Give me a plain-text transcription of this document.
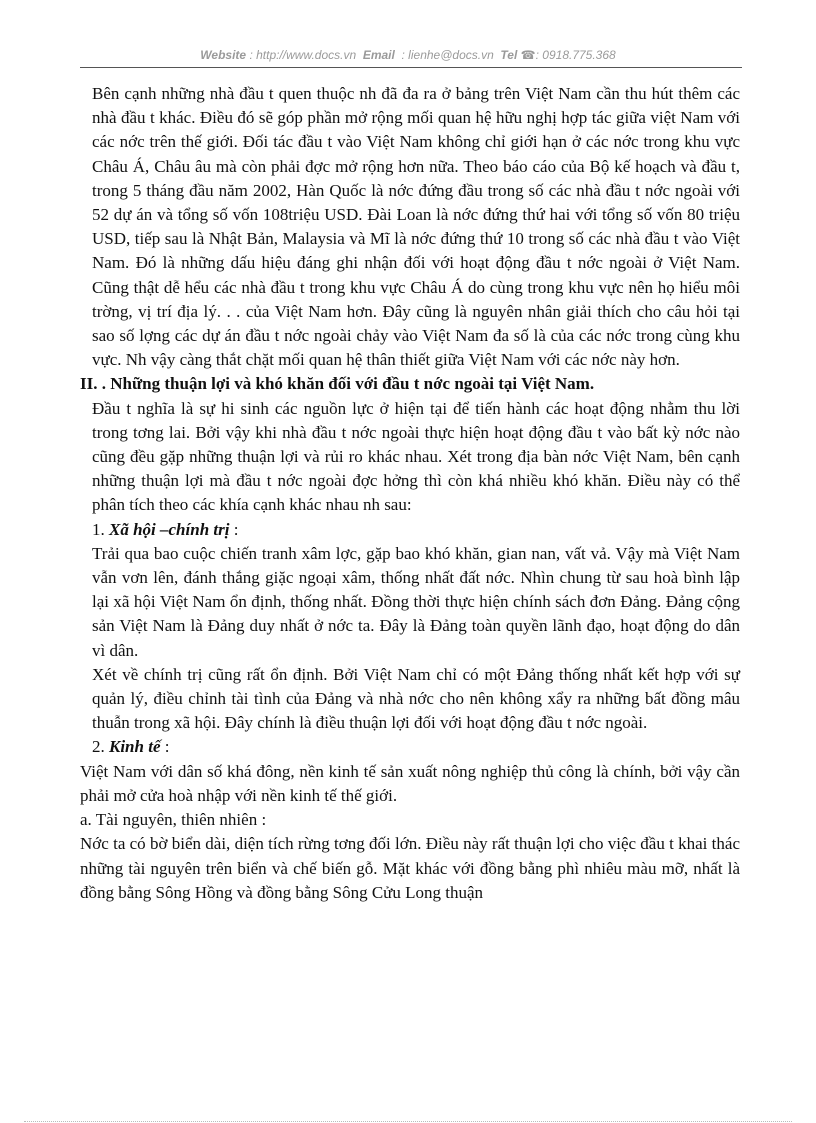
Website : http://www.docs.vn Email : lienhe@docs.vn Tel ☎: 0918.775.368

Bên cạnh những nhà đầu t quen thuộc nh đã đa ra ở bảng trên Việt Nam cần thu hút thêm các nhà đầu t khác. Điều đó sẽ góp phần mở rộng mối quan hệ hữu nghị hợp tác giữa việt Nam với các nớc trên thế giới. Đối tác đầu t vào Việt Nam không chỉ giới hạn ở các nớc trong khu vực Châu Á, Châu âu mà còn phải đợc mở rộng hơn nữa. Theo báo cáo của Bộ kế hoạch và đầu t, trong 5 tháng đầu năm 2002, Hàn Quốc là nớc đứng đầu trong số các nhà đầu t nớc ngoài với 52 dự án và tổng số vốn 108triệu USD. Đài Loan là nớc đứng thứ hai với tổng số vốn 80 triệu USD, tiếp sau là Nhật Bản, Malaysia và Mĩ là nớc đứng thứ 10 trong số các nhà đầu t vào Việt Nam. Đó là những dấu hiệu đáng ghi nhận đối với hoạt động đầu t nớc ngoài ở Việt Nam. Cũng thật dễ hểu các nhà đầu t trong khu vực Châu Á do cùng trong khu vực nên họ hiểu môi trờng, vị trí địa lý. . . của Việt Nam hơn. Đây cũng là nguyên nhân giải thích cho câu hỏi tại sao số lợng các dự án đầu t nớc ngoài chảy vào Việt Nam đa số là của các nớc trong cùng khu vực. Nh vậy càng thắt chặt mối quan hệ thân thiết giữa Việt Nam với các nớc này hơn.

II. . Những thuận lợi và khó khăn đối với đầu t nớc ngoài tại Việt Nam.

Đầu t nghĩa là sự hi sinh các nguồn lực ở hiện tại để tiến hành các hoạt động nhằm thu lời trong tơng lai. Bởi vậy khi nhà đầu t nớc ngoài thực hiện hoạt động đầu t vào bất kỳ nớc nào cũng đều gặp những thuận lợi và rủi ro khác nhau. Xét trong địa bàn nớc Việt Nam, bên cạnh những thuận lợi mà đầu t nớc ngoài đợc hởng thì còn khá nhiều khó khăn. Điều này có thể phân tích theo các khía cạnh khác nhau nh sau:

1. Xã hội –chính trị :

Trải qua bao cuộc chiến tranh xâm lợc, gặp bao khó khăn, gian nan, vất vả. Vậy mà Việt Nam vẫn vơn lên, đánh thắng giặc ngoại xâm, thống nhất đất nớc. Nhìn chung từ sau hoà bình lập lại xã hội Việt Nam ổn định, thống nhất. Đồng thời thực hiện chính sách đơn Đảng. Đảng cộng sản Việt Nam là Đảng duy nhất ở nớc ta. Đây là Đảng toàn quyền lãnh đạo, hoạt động do dân vì dân.

Xét về chính trị cũng rất ổn định. Bởi Việt Nam chỉ có một Đảng thống nhất kết hợp với sự quản lý, điều chỉnh tài tình của Đảng và nhà nớc cho nên không xẩy ra những bất đồng mâu thuẫn trong xã hội. Đây chính là điều thuận lợi đối với hoạt động đầu t nớc ngoài.

2. Kinh tế :

Việt Nam với dân số khá đông, nền kinh tế sản xuất nông nghiệp thủ công là chính, bởi vậy cần phải mở cửa hoà nhập với nền kinh tế thế giới.

a. Tài nguyên, thiên nhiên :

Nớc ta có bờ biển dài, diện tích rừng tơng đối lớn. Điều này rất thuận lợi cho việc đầu t khai thác những tài nguyên trên biển và chế biến gỗ. Mặt khác với đồng bằng phì nhiêu màu mỡ, nhất là đồng bằng Sông Hồng và đồng bằng Sông Cửu Long thuận
